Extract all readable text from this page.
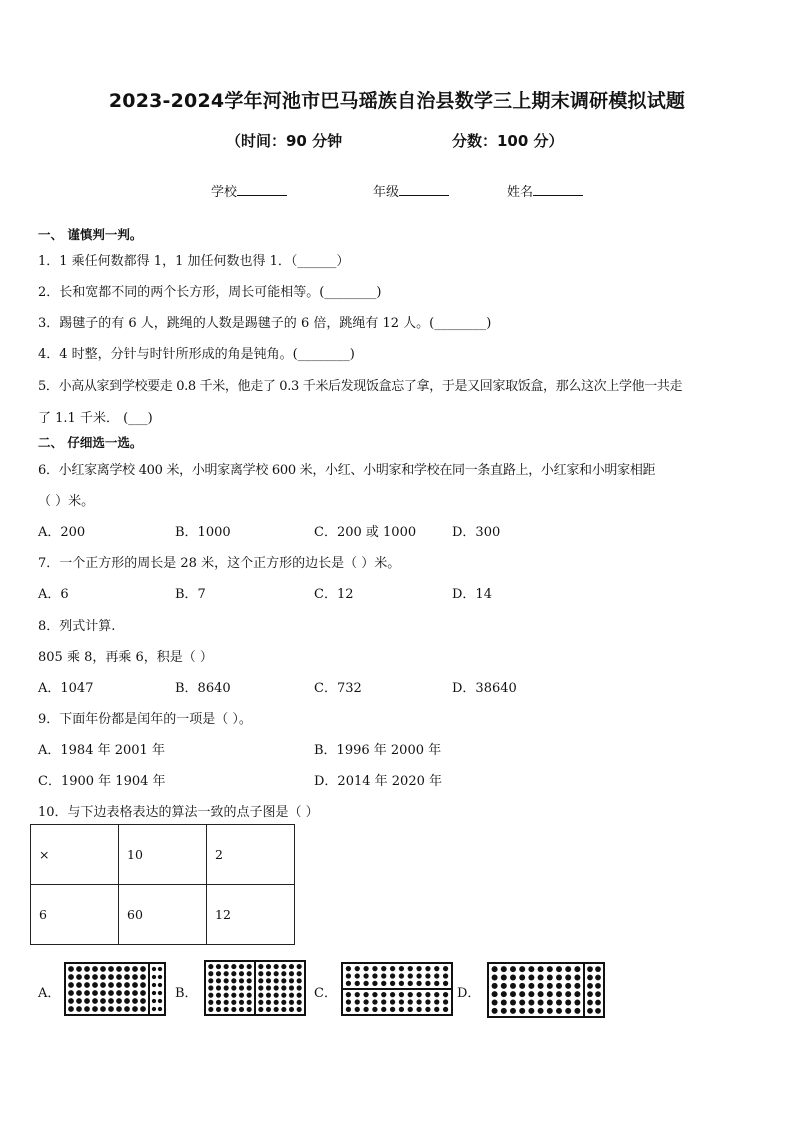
2023-2024学年河池市巴马瑶族自治县数学三上期末调研模拟试题
（时间：90 分钟	分数：100 分）
学校	年级	姓名
一、 谨慎判一判。
1．1 乘任何数都得 1，1 加任何数也得 1．（______）
2．长和宽都不同的两个长方形，周长可能相等。(________)
3．踢毽子的有 6 人，跳绳的人数是踢毽子的 6 倍，跳绳有 12 人。(________)
4．4 时整，分针与时针所形成的角是钝角。(________)
5．小高从家到学校要走 0.8 千米，他走了 0.3 千米后发现饭盒忘了拿，于是又回家取饭盒，那么这次上学他一共走
了 1.1 千米． (___)
二、 仔细选一选。
6．小红家离学校 400 米，小明家离学校 600 米，小红、小明家和学校在同一条直路上，小红家和小明家相距
（ ）米。
A．200	B．1000	C．200 或 1000	D．300
7．一个正方形的周长是 28 米，这个正方形的边长是（ ）米。
A．6	B．7	C．12	D．14
8．列式计算.
805 乘 8，再乘 6，积是（ ）
A．1047	B．8640	C．732	D．38640
9．下面年份都是闰年的一项是（ ）。
A．1984 年 2001 年	B．1996 年 2000 年
C．1900 年 1904 年	D．2014 年 2020 年
10．与下边表格表达的算法一致的点子图是（ ）
×	10	2
6	60	12
A．	B．	C．	D．
